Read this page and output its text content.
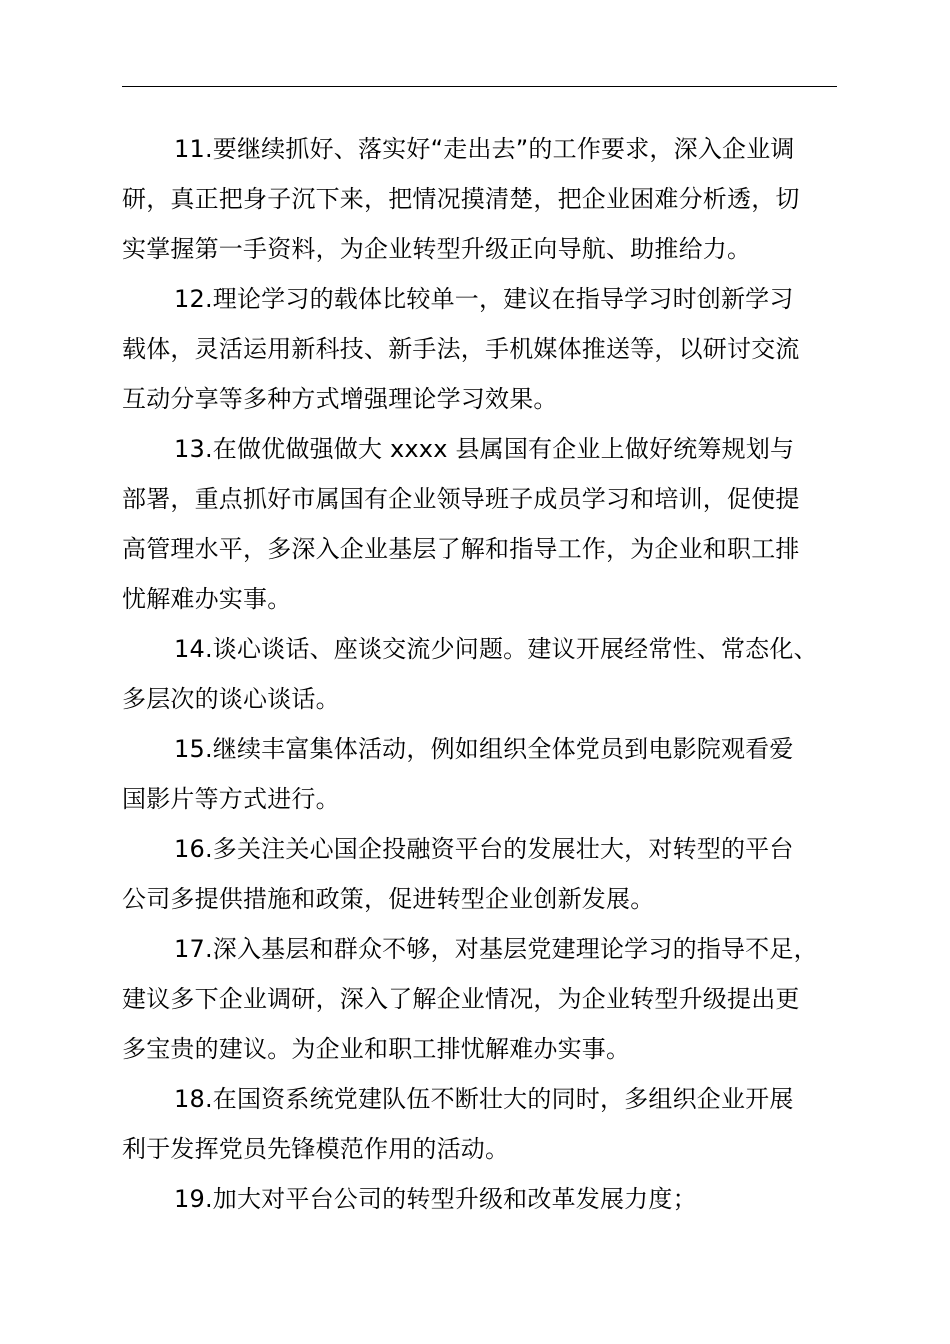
11.要继续抓好、落实好“走出去”的工作要求，深入企业调
研，真正把身子沉下来，把情况摸清楚，把企业困难分析透，切
实掌握第一手资料，为企业转型升级正向导航、助推给力。

12.理论学习的载体比较单一，建议在指导学习时创新学习
载体，灵活运用新科技、新手法，手机媒体推送等，以研讨交流
互动分享等多种方式增强理论学习效果。

13.在做优做强做大 xxxx 县属国有企业上做好统筹规划与
部署，重点抓好市属国有企业领导班子成员学习和培训，促使提
高管理水平，多深入企业基层了解和指导工作，为企业和职工排
忧解难办实事。

14.谈心谈话、座谈交流少问题。建议开展经常性、常态化、
多层次的谈心谈话。

15.继续丰富集体活动，例如组织全体党员到电影院观看爱
国影片等方式进行。

16.多关注关心国企投融资平台的发展壮大，对转型的平台
公司多提供措施和政策，促进转型企业创新发展。

17.深入基层和群众不够，对基层党建理论学习的指导不足，
建议多下企业调研，深入了解企业情况，为企业转型升级提出更
多宝贵的建议。为企业和职工排忧解难办实事。

18.在国资系统党建队伍不断壮大的同时，多组织企业开展
利于发挥党员先锋模范作用的活动。

19.加大对平台公司的转型升级和改革发展力度；
